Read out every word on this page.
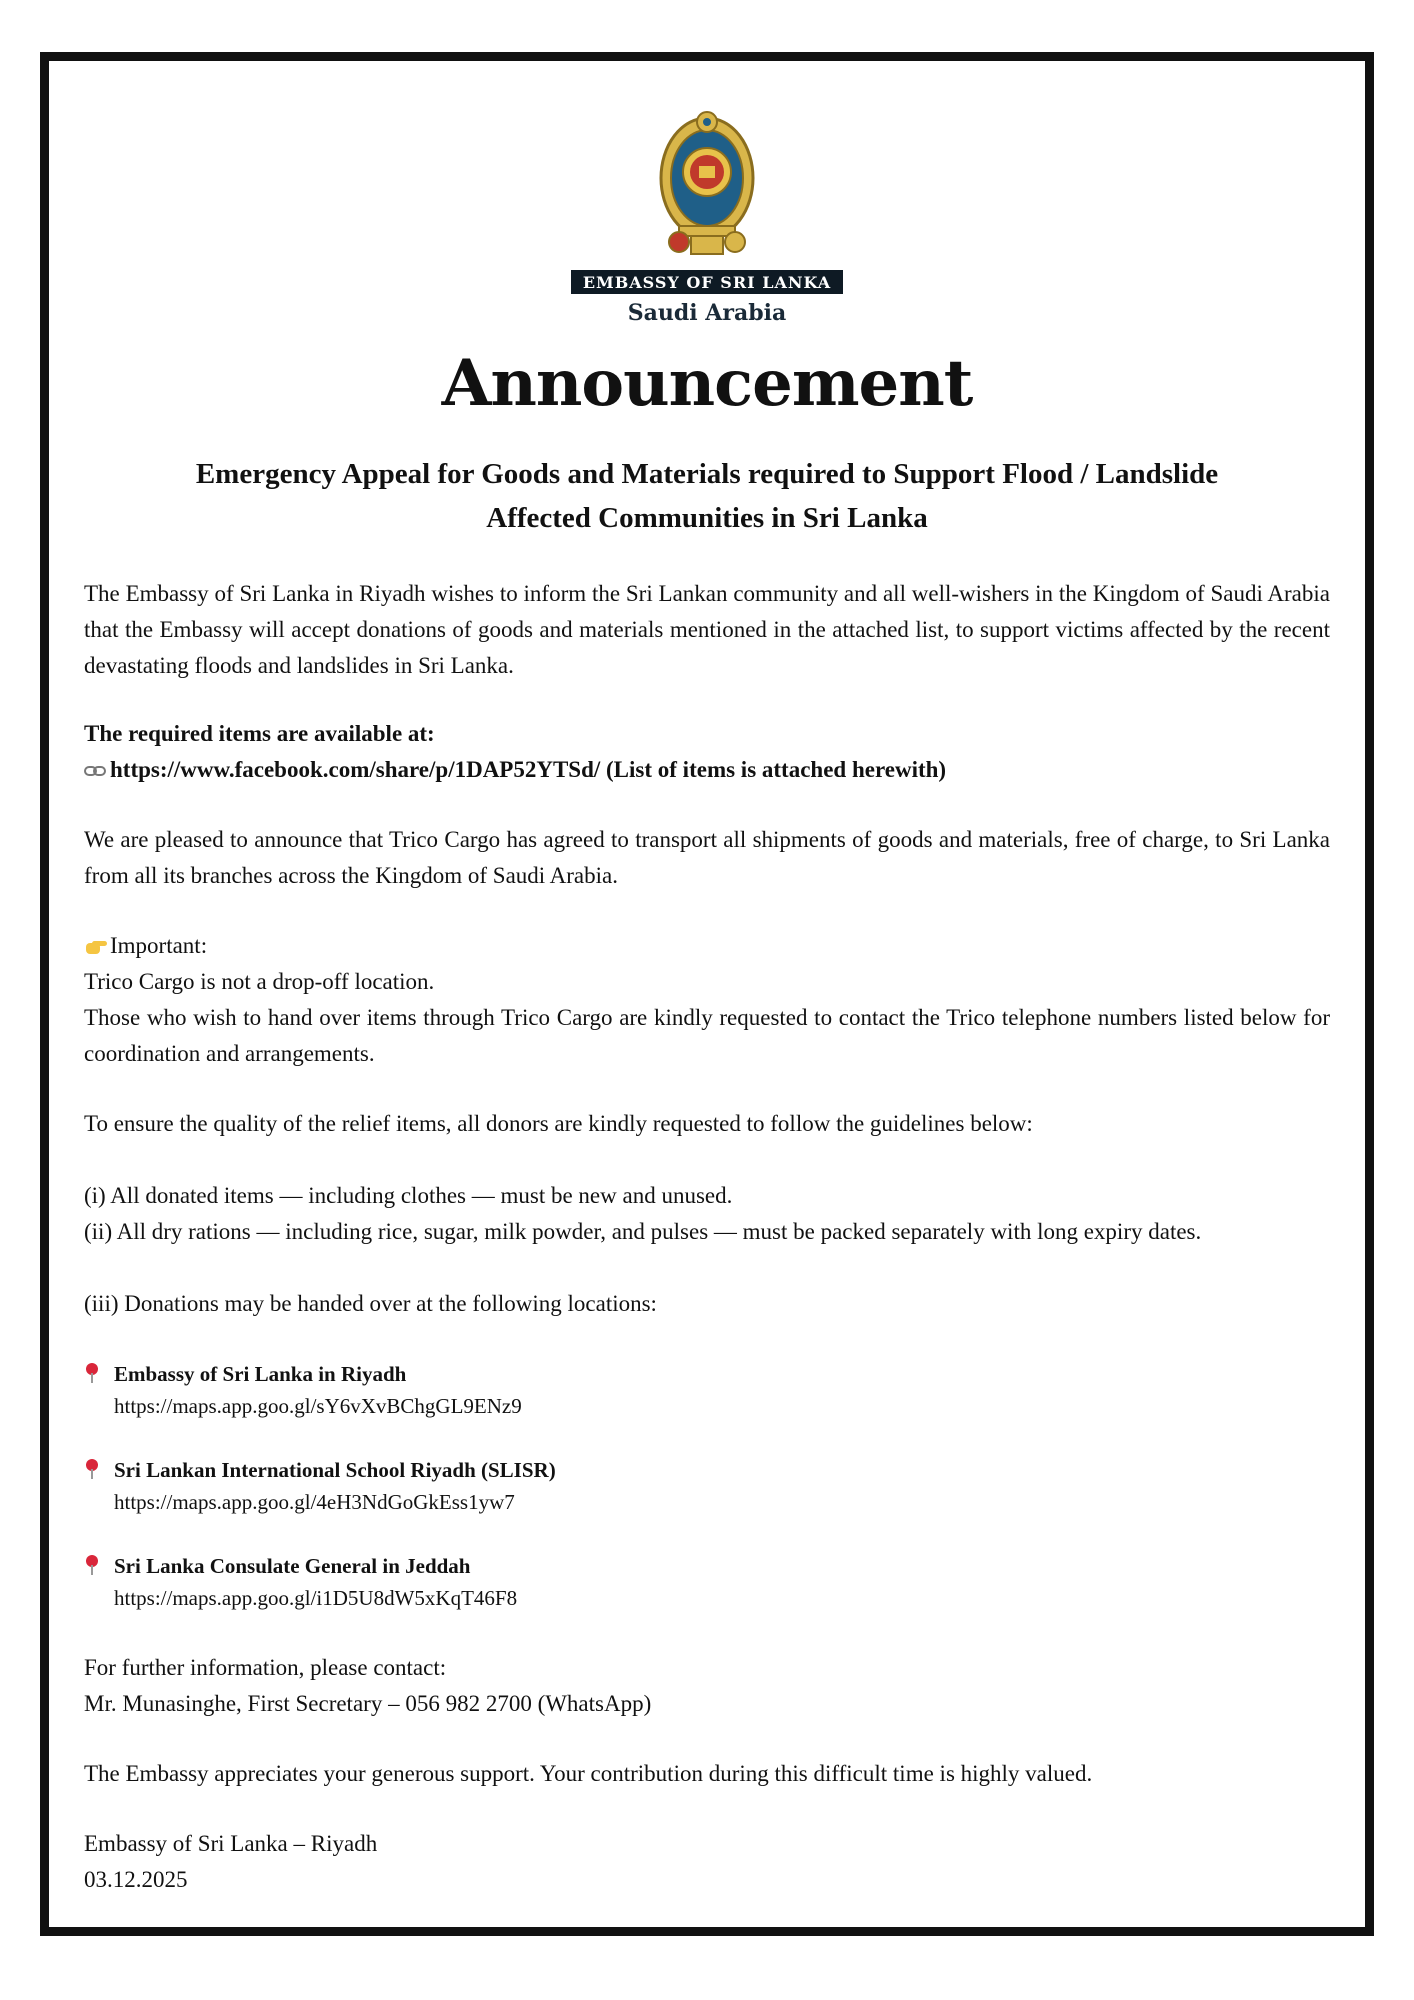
EMBASSY OF SRI LANKA
Saudi Arabia
Announcement
Emergency Appeal for Goods and Materials required to Support Flood / Landslide
Affected Communities in Sri Lanka
The Embassy of Sri Lanka in Riyadh wishes to inform the Sri Lankan community and all well-wishers in the Kingdom of Saudi Arabia that the Embassy will accept donations of goods and materials mentioned in the attached list, to support victims affected by the recent devastating floods and landslides in Sri Lanka.
The required items are available at:
https://www.facebook.com/share/p/1DAP52YTSd/ (List of items is attached herewith)
We are pleased to announce that Trico Cargo has agreed to transport all shipments of goods and materials, free of charge, to Sri Lanka from all its branches across the Kingdom of Saudi Arabia.
Important:
Trico Cargo is not a drop-off location.
Those who wish to hand over items through Trico Cargo are kindly requested to contact the Trico telephone numbers listed below for coordination and arrangements.
To ensure the quality of the relief items, all donors are kindly requested to follow the guidelines below:
(i) All donated items — including clothes — must be new and unused.
(ii) All dry rations — including rice, sugar, milk powder, and pulses — must be packed separately with long expiry dates.
(iii) Donations may be handed over at the following locations:
Embassy of Sri Lanka in Riyadh
https://maps.app.goo.gl/sY6vXvBChgGL9ENz9
Sri Lankan International School Riyadh (SLISR)
https://maps.app.goo.gl/4eH3NdGoGkEss1yw7
Sri Lanka Consulate General in Jeddah
https://maps.app.goo.gl/i1D5U8dW5xKqT46F8
For further information, please contact:
Mr. Munasinghe, First Secretary – 056 982 2700 (WhatsApp)
The Embassy appreciates your generous support. Your contribution during this difficult time is highly valued.
Embassy of Sri Lanka – Riyadh
03.12.2025
